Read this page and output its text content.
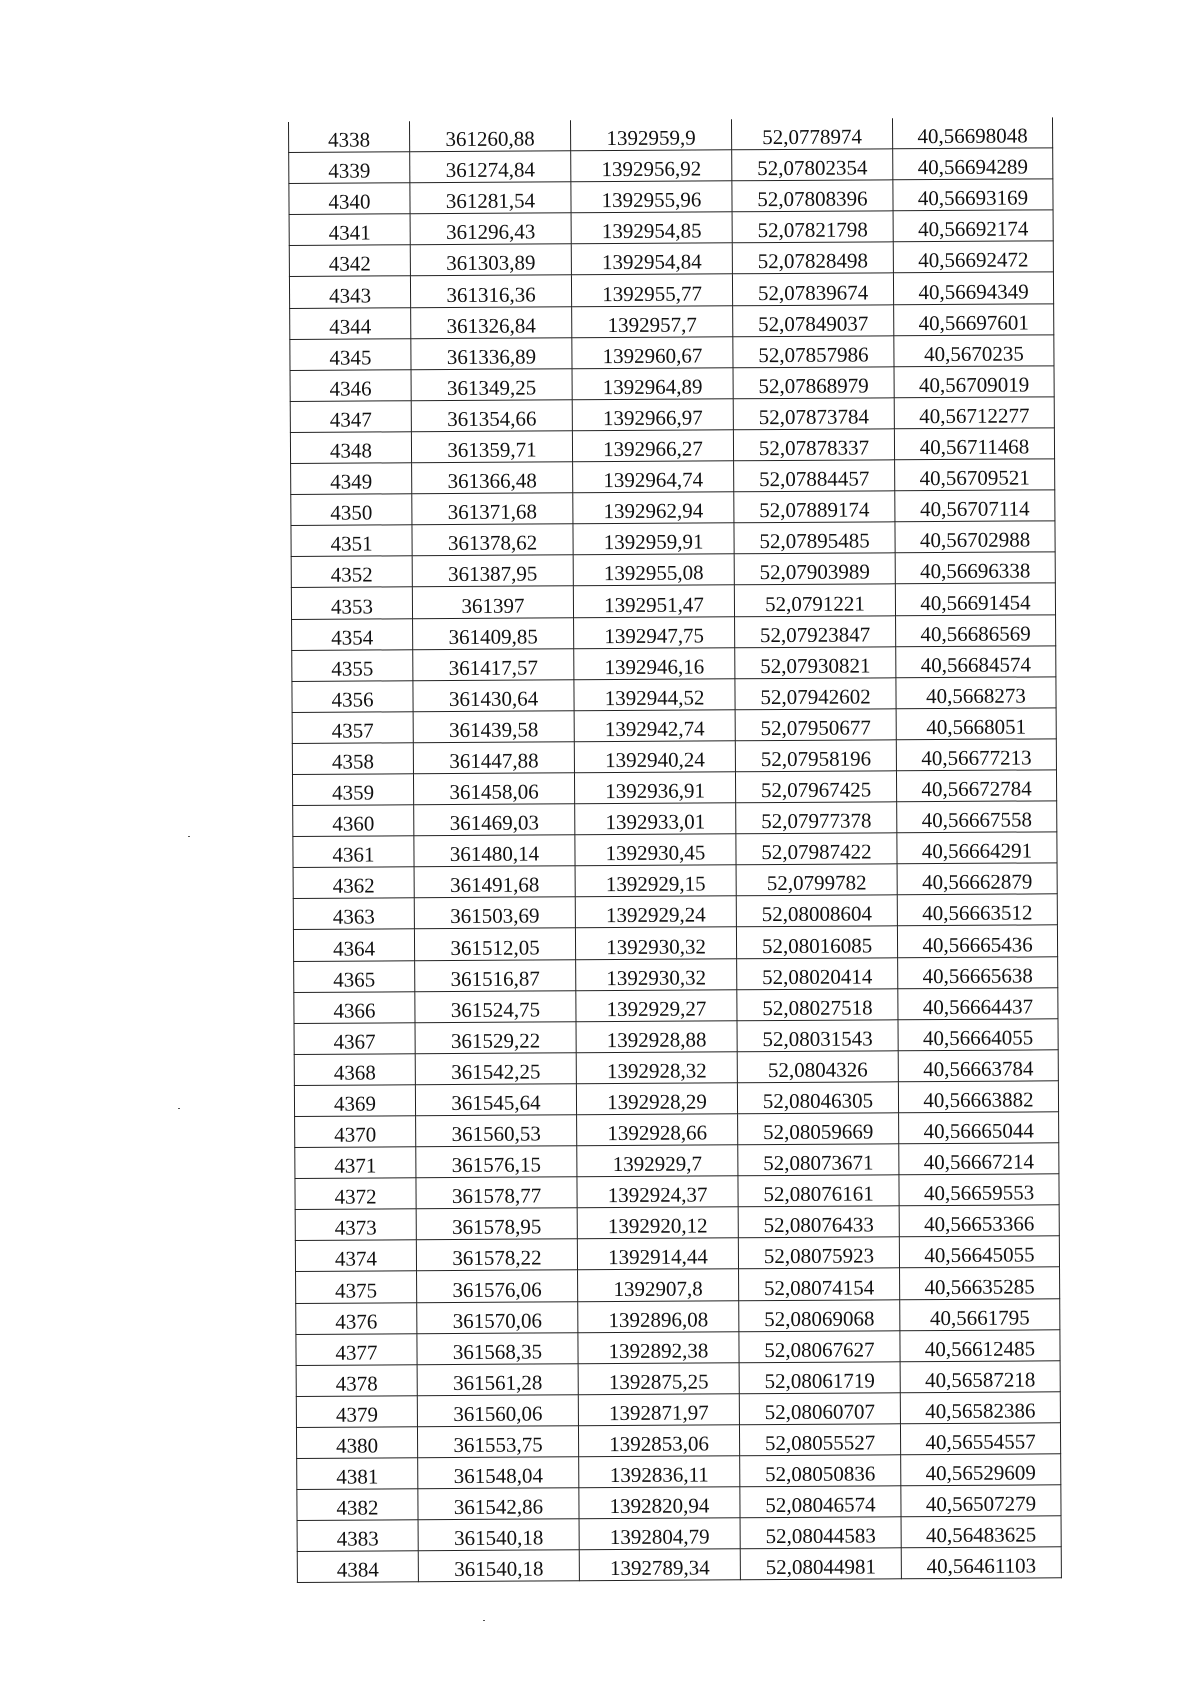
4338	361260,88	1392959,9	52,0778974	40,56698048
4339	361274,84	1392956,92	52,07802354	40,56694289
4340	361281,54	1392955,96	52,07808396	40,56693169
4341	361296,43	1392954,85	52,07821798	40,56692174
4342	361303,89	1392954,84	52,07828498	40,56692472
4343	361316,36	1392955,77	52,07839674	40,56694349
4344	361326,84	1392957,7	52,07849037	40,56697601
4345	361336,89	1392960,67	52,07857986	40,5670235
4346	361349,25	1392964,89	52,07868979	40,56709019
4347	361354,66	1392966,97	52,07873784	40,56712277
4348	361359,71	1392966,27	52,07878337	40,56711468
4349	361366,48	1392964,74	52,07884457	40,56709521
4350	361371,68	1392962,94	52,07889174	40,56707114
4351	361378,62	1392959,91	52,07895485	40,56702988
4352	361387,95	1392955,08	52,07903989	40,56696338
4353	361397	1392951,47	52,0791221	40,56691454
4354	361409,85	1392947,75	52,07923847	40,56686569
4355	361417,57	1392946,16	52,07930821	40,56684574
4356	361430,64	1392944,52	52,07942602	40,5668273
4357	361439,58	1392942,74	52,07950677	40,5668051
4358	361447,88	1392940,24	52,07958196	40,56677213
4359	361458,06	1392936,91	52,07967425	40,56672784
4360	361469,03	1392933,01	52,07977378	40,56667558
4361	361480,14	1392930,45	52,07987422	40,56664291
4362	361491,68	1392929,15	52,0799782	40,56662879
4363	361503,69	1392929,24	52,08008604	40,56663512
4364	361512,05	1392930,32	52,08016085	40,56665436
4365	361516,87	1392930,32	52,08020414	40,56665638
4366	361524,75	1392929,27	52,08027518	40,56664437
4367	361529,22	1392928,88	52,08031543	40,56664055
4368	361542,25	1392928,32	52,0804326	40,56663784
4369	361545,64	1392928,29	52,08046305	40,56663882
4370	361560,53	1392928,66	52,08059669	40,56665044
4371	361576,15	1392929,7	52,08073671	40,56667214
4372	361578,77	1392924,37	52,08076161	40,56659553
4373	361578,95	1392920,12	52,08076433	40,56653366
4374	361578,22	1392914,44	52,08075923	40,56645055
4375	361576,06	1392907,8	52,08074154	40,56635285
4376	361570,06	1392896,08	52,08069068	40,5661795
4377	361568,35	1392892,38	52,08067627	40,56612485
4378	361561,28	1392875,25	52,08061719	40,56587218
4379	361560,06	1392871,97	52,08060707	40,56582386
4380	361553,75	1392853,06	52,08055527	40,56554557
4381	361548,04	1392836,11	52,08050836	40,56529609
4382	361542,86	1392820,94	52,08046574	40,56507279
4383	361540,18	1392804,79	52,08044583	40,56483625
4384	361540,18	1392789,34	52,08044981	40,56461103
